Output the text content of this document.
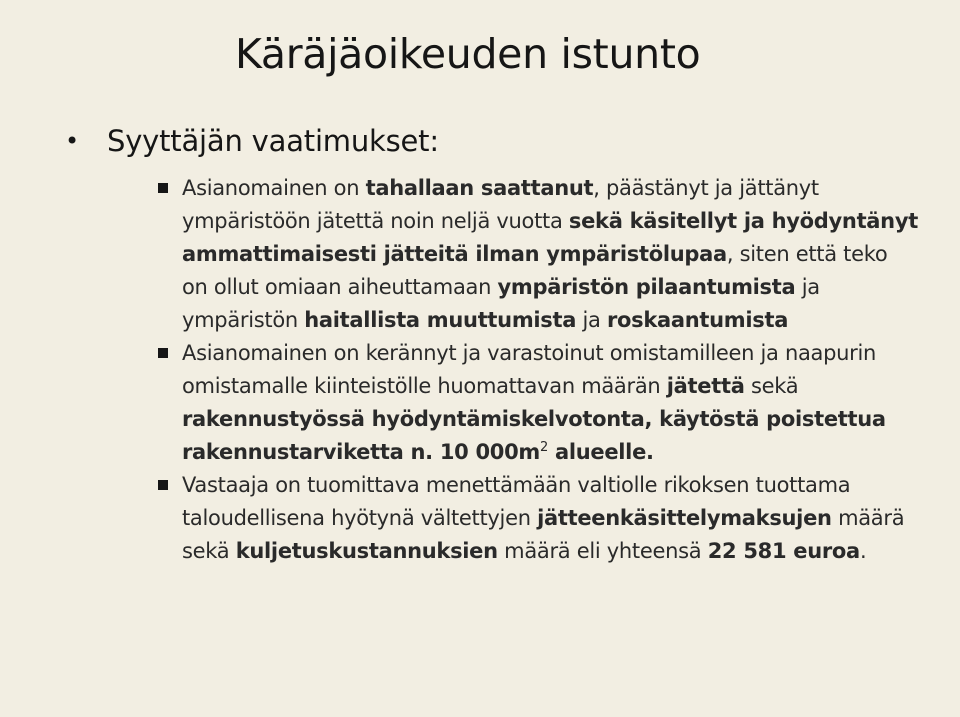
Käräjäoikeuden istunto
• Syyttäjän vaatimukset:
Asianomainen on tahallaan saattanut, päästänyt ja jättänyt ympäristöön jätettä noin neljä vuotta sekä käsitellyt ja hyödyntänyt ammattimaisesti jätteitä ilman ympäristölupaa, siten että teko on ollut omiaan aiheuttamaan ympäristön pilaantumista ja ympäristön haitallista muuttumista ja roskaantumista
Asianomainen on kerännyt ja varastoinut omistamilleen ja naapurin omistamalle kiinteistölle huomattavan määrän jätettä sekä rakennustyössä hyödyntämiskelvotonta, käytöstä poistettua rakennustarviketta n. 10 $000m^2$ alueelle.
Vastaaja on tuomittava menettämään valtiolle rikoksen tuottama taloudellisena hyötynä vältettyjen jätteenkäsittelymaksujen määrä sekä kuljetuskustannuksien määrä eli yhteensä 22 581 euroa.
